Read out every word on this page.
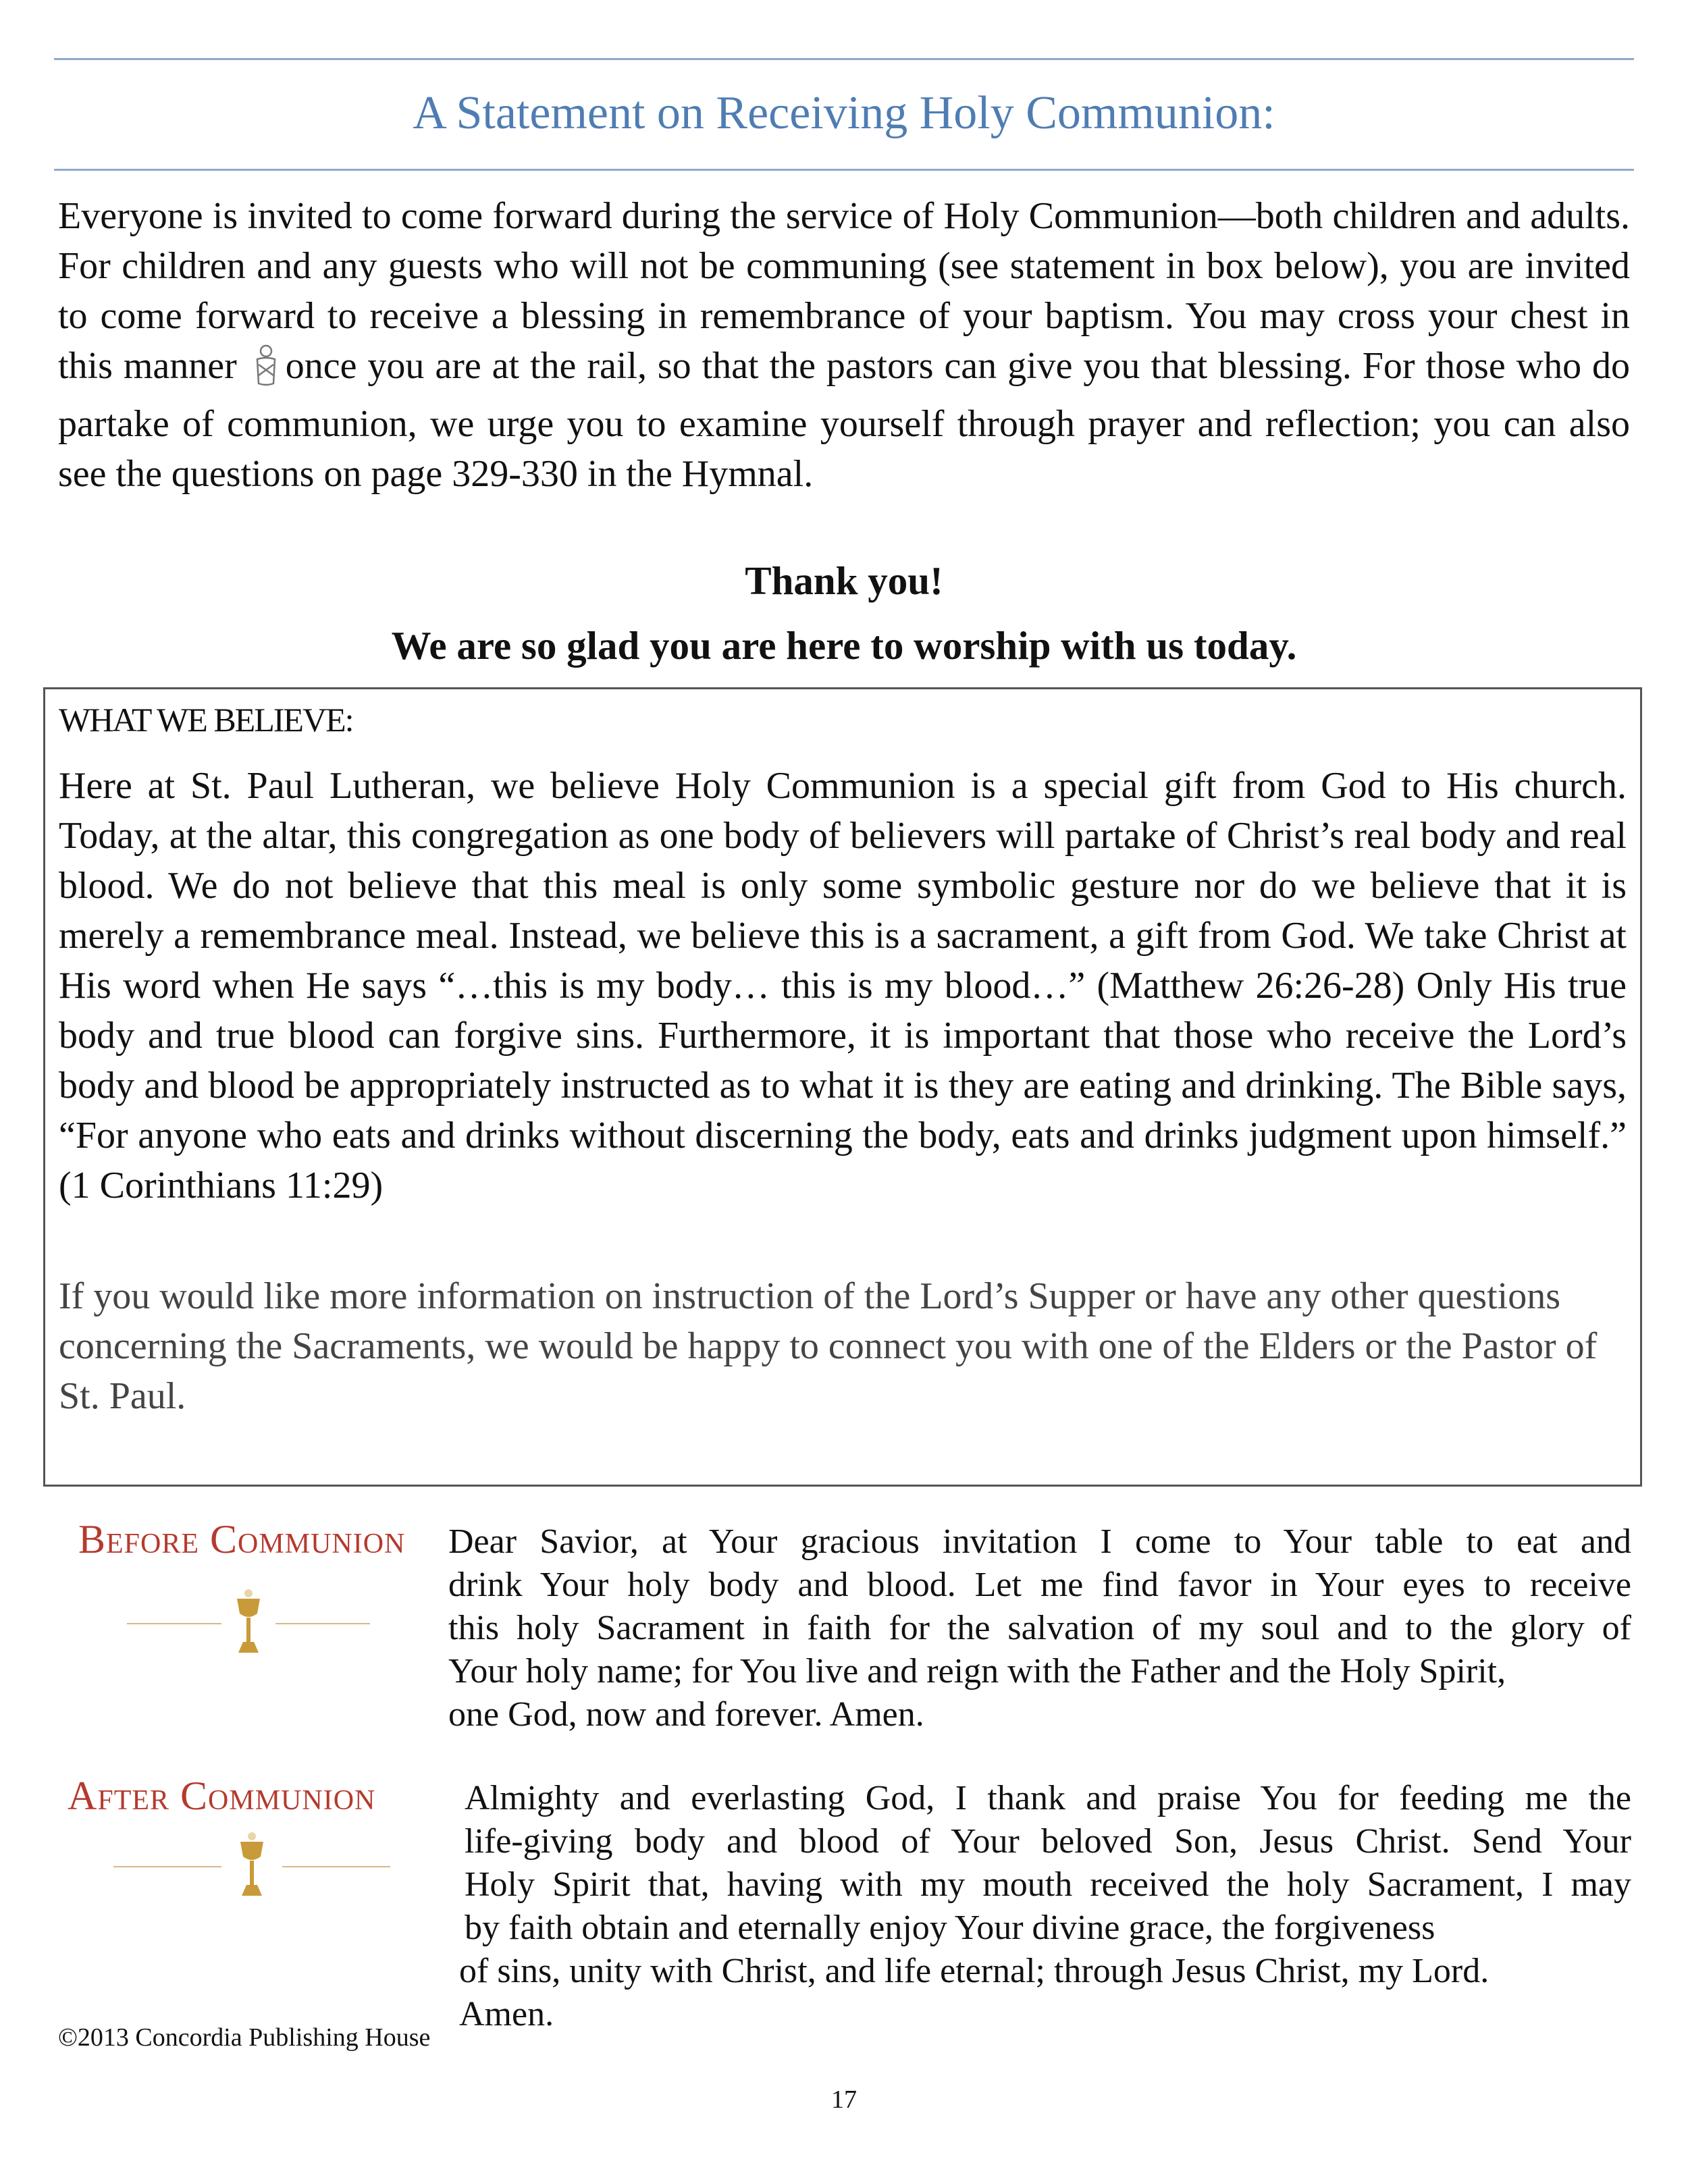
A Statement on Receiving Holy Communion:
Everyone is invited to come forward during the service of Holy Communion—both children and adults. For children and any guests who will not be communing (see statement in box below), you are invited to come forward to receive a blessing in remembrance of your baptism. You may cross your chest in this manner once you are at the rail, so that the pastors can give you that blessing. For those who do partake of communion, we urge you to examine yourself through prayer and reflection; you can also see the questions on page 329-330 in the Hymnal.
Thank you!
We are so glad you are here to worship with us today.
WHAT WE BELIEVE:
Here at St. Paul Lutheran, we believe Holy Communion is a special gift from God to His church. Today, at the altar, this congregation as one body of believers will partake of Christ’s real body and real blood. We do not believe that this meal is only some symbolic gesture nor do we believe that it is merely a remembrance meal. Instead, we believe this is a sacrament, a gift from God. We take Christ at His word when He says “…this is my body… this is my blood…” (Matthew 26:26-28) Only His true body and true blood can forgive sins. Furthermore, it is important that those who receive the Lord’s body and blood be appropriately instructed as to what it is they are eating and drinking. The Bible says, “For anyone who eats and drinks without discerning the body, eats and drinks judgment upon himself.” (1 Corinthians 11:29)
If you would like more information on instruction of the Lord’s Supper or have any other questions concerning the Sacraments, we would be happy to connect you with one of the Elders or the Pastor of St. Paul.
Before Communion Dear Savior, at Your gracious invitation I come to Your table to eat and
drink Your holy body and blood. Let me find favor in Your eyes to receive
this holy Sacrament in faith for the salvation of my soul and to the glory of
Your holy name; for You live and reign with the Father and the Holy Spirit,
one God, now and forever. Amen.
After Communion	Almighty and everlasting God, I thank and praise You for feeding me the
life-giving body and blood of Your beloved Son, Jesus Christ. Send Your
Holy Spirit that, having with my mouth received the holy Sacrament, I may
by faith obtain and eternally enjoy Your divine grace, the forgiveness
of sins, unity with Christ, and life eternal; through Jesus Christ, my Lord.
Amen.
©2013 Concordia Publishing House
17
